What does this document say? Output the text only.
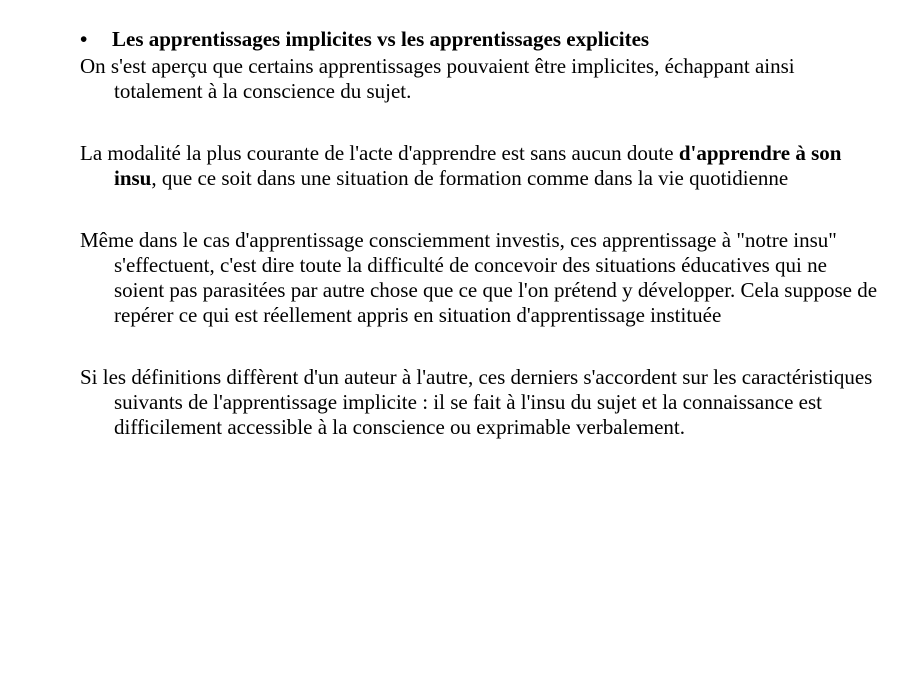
•	Les apprentissages implicites vs les apprentissages explicites

On s'est aperçu que certains apprentissages pouvaient être implicites, échappant ainsi totalement à la conscience du sujet.

La modalité la plus courante de l'acte d'apprendre est sans aucun doute d'apprendre à son insu, que ce soit dans une situation de formation comme dans la vie quotidienne

Même dans le cas d'apprentissage consciemment investis, ces apprentissage à "notre insu" s'effectuent, c'est dire toute la difficulté de concevoir des situations éducatives qui ne soient pas parasitées par autre chose que ce que l'on prétend y développer. Cela suppose de repérer ce qui est réellement appris en situation d'apprentissage instituée

Si les définitions diffèrent d'un auteur à l'autre, ces derniers s'accordent sur les caractéristiques suivants de l'apprentissage implicite : il se fait à l'insu du sujet et la connaissance est difficilement accessible à la conscience ou exprimable verbalement.
